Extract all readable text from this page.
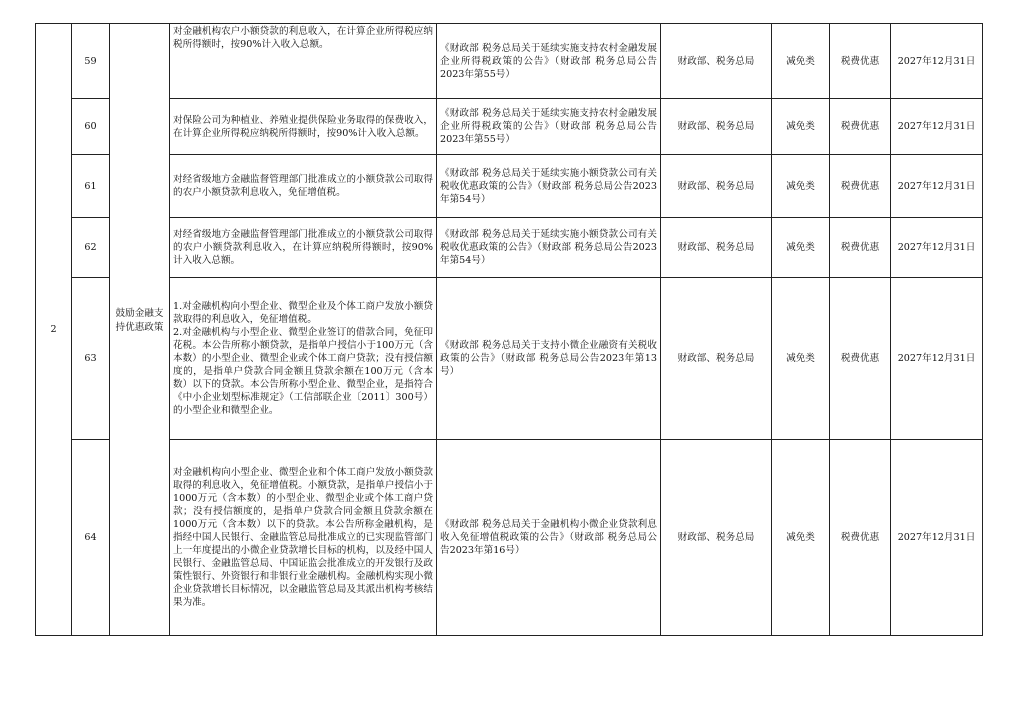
2	59	鼓励金融支持优惠政策	对金融机构农户小额贷款的利息收入，在计算企业所得税应纳税所得额时，按90%计入收入总额。	《财政部 税务总局关于延续实施支持农村金融发展企业所得税政策的公告》（财政部 税务总局公告2023年第55号）	财政部、税务总局	减免类	税费优惠	2027年12月31日
	60		对保险公司为种植业、养殖业提供保险业务取得的保费收入，在计算企业所得税应纳税所得额时，按90%计入收入总额。	《财政部 税务总局关于延续实施支持农村金融发展企业所得税政策的公告》（财政部 税务总局公告2023年第55号）	财政部、税务总局	减免类	税费优惠	2027年12月31日
	61		对经省级地方金融监督管理部门批准成立的小额贷款公司取得的农户小额贷款利息收入，免征增值税。	《财政部 税务总局关于延续实施小额贷款公司有关税收优惠政策的公告》（财政部 税务总局公告2023年第54号）	财政部、税务总局	减免类	税费优惠	2027年12月31日
	62		对经省级地方金融监督管理部门批准成立的小额贷款公司取得的农户小额贷款利息收入，在计算应纳税所得额时，按90%计入收入总额。	《财政部 税务总局关于延续实施小额贷款公司有关税收优惠政策的公告》（财政部 税务总局公告2023年第54号）	财政部、税务总局	减免类	税费优惠	2027年12月31日
	63		1.对金融机构向小型企业、微型企业及个体工商户发放小额贷款取得的利息收入，免征增值税。
2.对金融机构与小型企业、微型企业签订的借款合同，免征印花税。本公告所称小额贷款，是指单户授信小于100万元（含本数）的小型企业、微型企业或个体工商户贷款；没有授信额度的，是指单户贷款合同金额且贷款余额在100万元（含本数）以下的贷款。本公告所称小型企业、微型企业，是指符合《中小企业划型标准规定》（工信部联企业〔2011〕300号）的小型企业和微型企业。	《财政部 税务总局关于支持小微企业融资有关税收政策的公告》（财政部 税务总局公告2023年第13号）	财政部、税务总局	减免类	税费优惠	2027年12月31日
	64		对金融机构向小型企业、微型企业和个体工商户发放小额贷款取得的利息收入，免征增值税。小额贷款，是指单户授信小于1000万元（含本数）的小型企业、微型企业或个体工商户贷款；没有授信额度的，是指单户贷款合同金额且贷款余额在1000万元（含本数）以下的贷款。本公告所称金融机构，是指经中国人民银行、金融监管总局批准成立的已实现监管部门上一年度提出的小微企业贷款增长目标的机构，以及经中国人民银行、金融监管总局、中国证监会批准成立的开发银行及政策性银行、外资银行和非银行业金融机构。金融机构实现小微企业贷款增长目标情况，以金融监管总局及其派出机构考核结果为准。	《财政部 税务总局关于金融机构小微企业贷款利息收入免征增值税政策的公告》（财政部 税务总局公告2023年第16号）	财政部、税务总局	减免类	税费优惠	2027年12月31日
